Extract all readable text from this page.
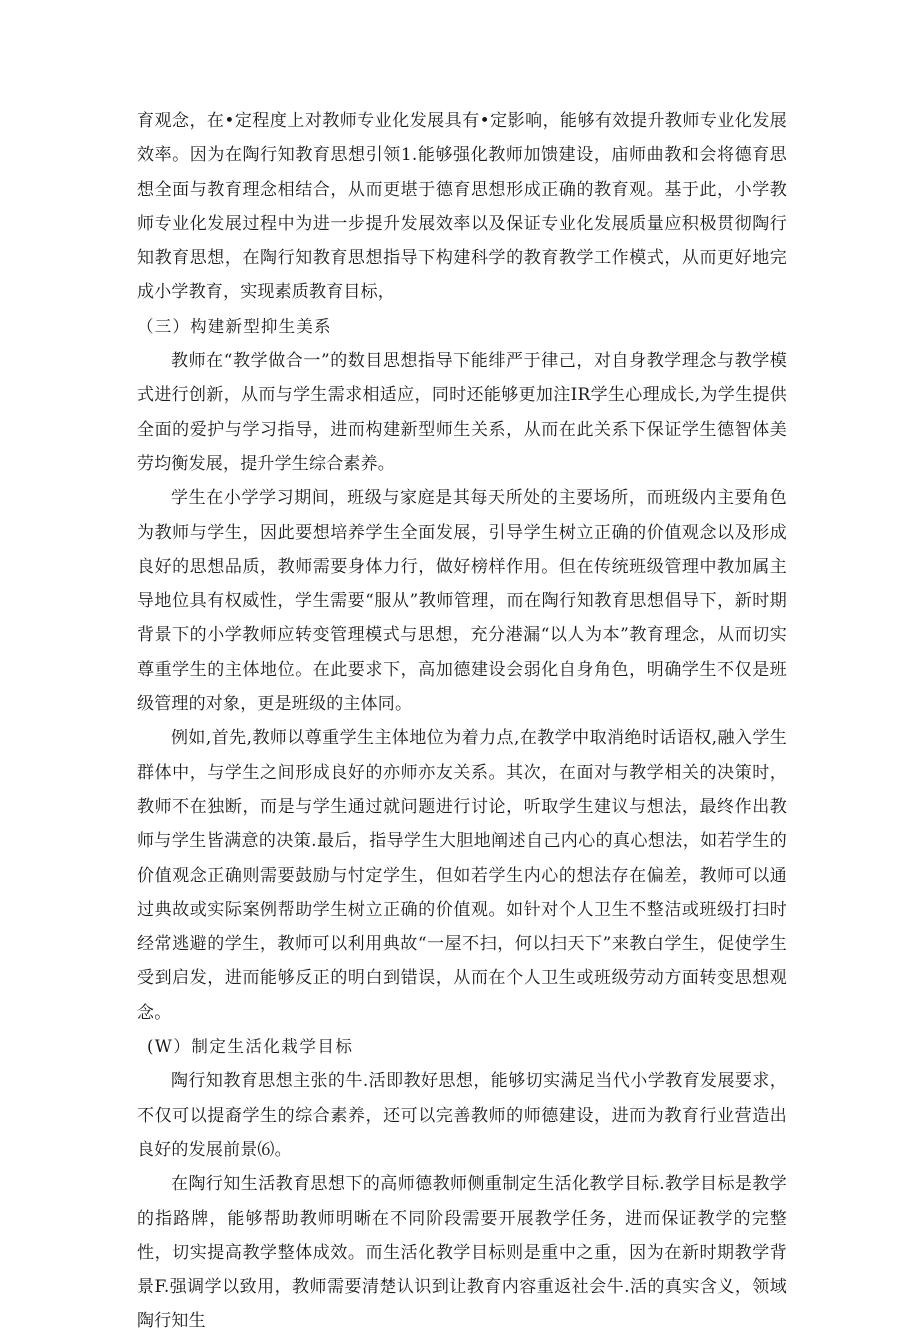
育观念，在•定程度上对教师专业化发展具有•定影响，能够有效提升教师专业化发展效率。因为在陶行知教育思想引领1.能够强化教师加馈建设，庙师曲教和会将德育思想全面与教育理念相结合，从而更堪于德育思想形成正确的教育观。基于此，小学教师专业化发展过程中为进一步提升发展效率以及保证专业化发展质量应积极贯彻陶行知教育思想，在陶行知教育思想指导下构建科学的教育教学工作模式，从而更好地完成小学教育，实现素质教育目标，

（三）构建新型抑生美系

教师在“教学做合一”的数目思想指导下能绯严于律己，对自身教学理念与教学模式进行创新，从而与学生需求相适应，同时还能够更加注IR学生心理成长,为学生提供全面的爱护与学习指导，进而构建新型师生关系，从而在此关系下保证学生德智体美劳均衡发展，提升学生综合素养。

学生在小学学习期间，班级与家庭是其每天所处的主要场所，而班级内主要角色为教师与学生，因此要想培养学生全面发展，引导学生树立正确的价值观念以及形成良好的思想品质，教师需要身体力行，做好榜样作用。但在传统班级管理中教加属主导地位具有权威性，学生需要“服从”教师管理，而在陶行知教育思想倡导下，新时期背景下的小学教师应转变管理模式与思想，充分港漏“以人为本”教育理念，从而切实尊重学生的主体地位。在此要求下，高加德建设会弱化自身角色，明确学生不仅是班级管理的对象，更是班级的主体同。

例如,首先,教师以尊重学生主体地位为着力点,在教学中取消绝时话语权,融入学生群体中，与学生之间形成良好的亦师亦友关系。其次，在面对与教学相关的决策时，教师不在独断，而是与学生通过就问题进行讨论，听取学生建议与想法，最终作出教师与学生皆满意的决策.最后，指导学生大胆地阐述自己内心的真心想法，如若学生的价值观念正确则需要鼓励与忖定学生，但如若学生内心的想法存在偏差，教师可以通过典故或实际案例帮助学生树立正确的价值观。如针对个人卫生不整洁或班级打扫时经常逃避的学生，教师可以利用典故“一屋不扫，何以扫天下”来教白学生，促使学生受到启发，进而能够反正的明白到错误，从而在个人卫生或班级劳动方面转变思想观念。

(W）制定生活化栽学目标

陶行知教育思想主张的牛.活即教好思想，能够切实满足当代小学教育发展要求，不仅可以提裔学生的综合素养，还可以完善教师的师德建设，进而为教育行业营造出良好的发展前景⑹。

在陶行知生活教育思想下的高师德教师侧重制定生活化教学目标.教学目标是教学的指路牌，能够帮助教师明晰在不同阶段需要开展教学任务，进而保证教学的完整性，切实提高教学整体成效。而生活化教学目标则是重中之重，因为在新时期教学背景F.强调学以致用，教师需要清楚认识到让教育内容重返社会牛.活的真实含义，领域陶行知生
